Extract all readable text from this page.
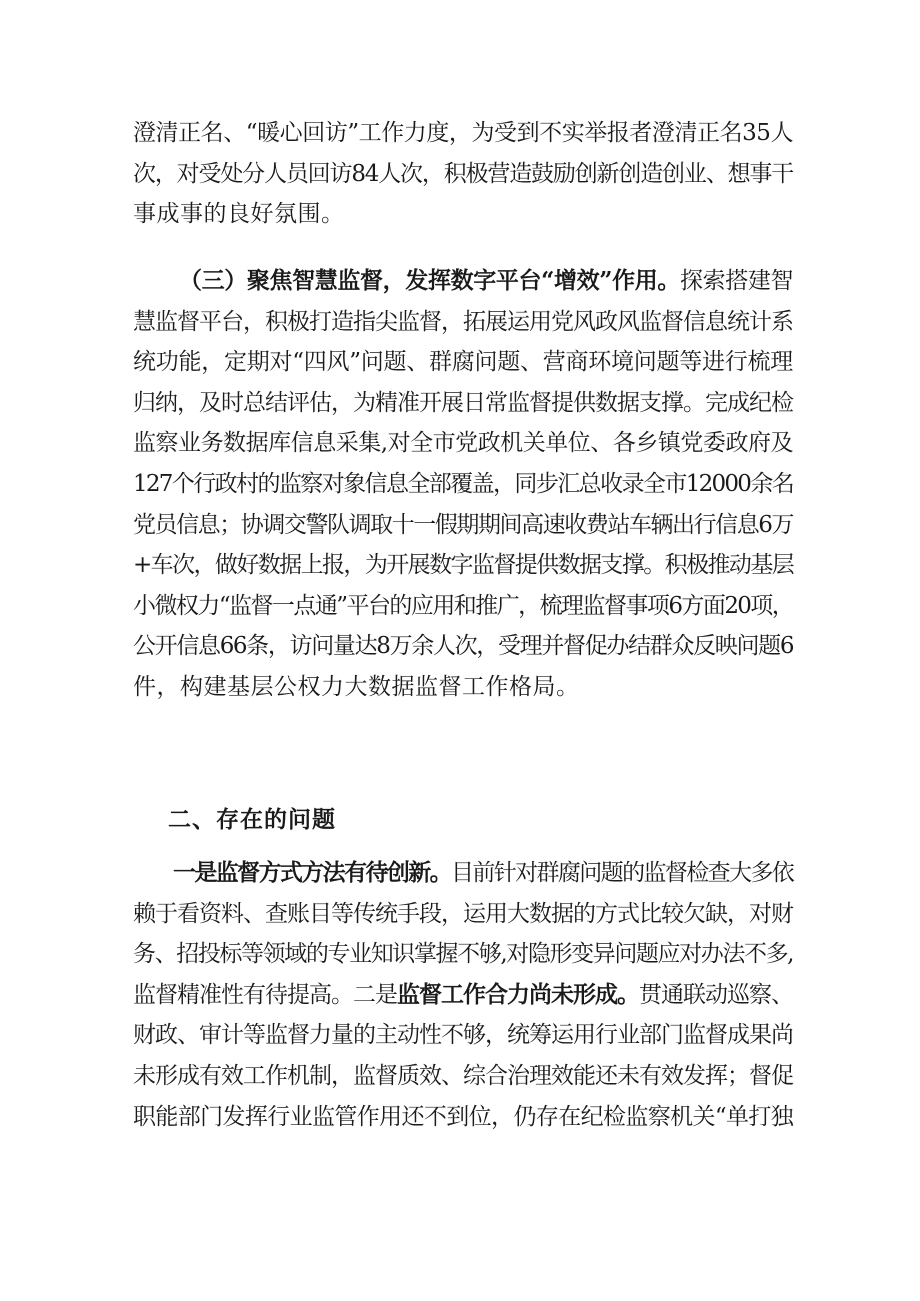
澄清正名、“暖心回访”工作力度，为受到不实举报者澄清正名35人
次，对受处分人员回访84人次，积极营造鼓励创新创造创业、想事干
事成事的良好氛围。
（三）聚焦智慧监督，发挥数字平台“增效”作用。探索搭建智
慧监督平台，积极打造指尖监督，拓展运用党风政风监督信息统计系
统功能，定期对“四风”问题、群腐问题、营商环境问题等进行梳理
归纳，及时总结评估，为精准开展日常监督提供数据支撑。完成纪检
监察业务数据库信息采集,对全市党政机关单位、各乡镇党委政府及
127个行政村的监察对象信息全部覆盖，同步汇总收录全市12000余名
党员信息；协调交警队调取十一假期期间高速收费站车辆出行信息6万
+车次，做好数据上报，为开展数字监督提供数据支撑。积极推动基层
小微权力“监督一点通”平台的应用和推广，梳理监督事项6方面20项，
公开信息66条，访问量达8万余人次，受理并督促办结群众反映问题6
件，构建基层公权力大数据监督工作格局。
二、存在的问题
一是监督方式方法有待创新。目前针对群腐问题的监督检查大多依
赖于看资料、查账目等传统手段，运用大数据的方式比较欠缺，对财
务、招投标等领域的专业知识掌握不够,对隐形变异问题应对办法不多,
监督精准性有待提高。二是监督工作合力尚未形成。贯通联动巡察、
财政、审计等监督力量的主动性不够，统筹运用行业部门监督成果尚
未形成有效工作机制，监督质效、综合治理效能还未有效发挥；督促
职能部门发挥行业监管作用还不到位，仍存在纪检监察机关“单打独
